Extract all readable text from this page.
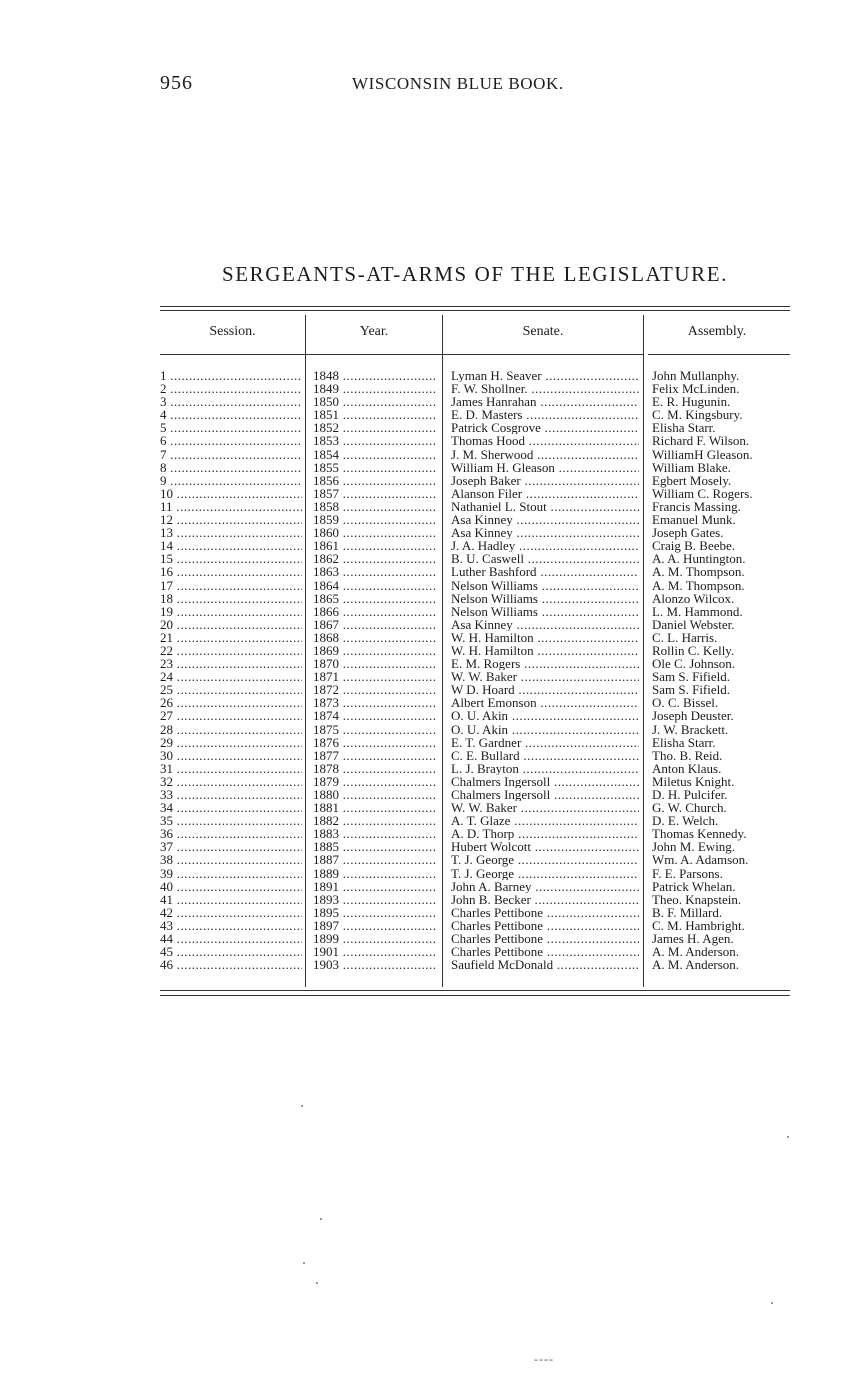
956	WISCONSIN BLUE BOOK.
SERGEANTS-AT-ARMS OF THE LEGISLATURE.
Session.	Year.	Senate.	Assembly.
1 .....	1848 .....	Lyman H. Seaver .....	John Mullanphy.
2 .....	1849 .....	F. W. Shollner. .....	Felix McLinden.
3 .....	1850 .....	James Hanrahan .....	E. R. Hugunin.
4 .....	1851 .....	E. D. Masters .....	C. M. Kingsbury.
5 .....	1852 .....	Patrick Cosgrove .....	Elisha Starr.
6 .....	1853 .....	Thomas Hood .....	Richard F. Wilson.
7 .....	1854 .....	J. M. Sherwood .....	WilliamH Gleason.
8 .....	1855 .....	William H. Gleason .....	William Blake.
9 .....	1856 .....	Joseph Baker .....	Egbert Mosely.
10 .....	1857 .....	Alanson Filer .....	William C. Rogers.
11 .....	1858 .....	Nathaniel L. Stout .....	Francis Massing.
12 .....	1859 .....	Asa Kinney .....	Emanuel Munk.
13 .....	1860 .....	Asa Kinney .....	Joseph Gates.
14 .....	1861 .....	J. A. Hadley .....	Craig B. Beebe.
15 .....	1862 .....	B. U. Caswell .....	A. A. Huntington.
16 .....	1863 .....	Luther Bashford .....	A. M. Thompson.
17 .....	1864 .....	Nelson Williams .....	A. M. Thompson.
18 .....	1865 .....	Nelson Williams .....	Alonzo Wilcox.
19 .....	1866 .....	Nelson Williams .....	L. M. Hammond.
20 .....	1867 .....	Asa Kinney .....	Daniel Webster.
21 .....	1868 .....	W. H. Hamilton .....	C. L. Harris.
22 .....	1869 .....	W. H. Hamilton .....	Rollin C. Kelly.
23 .....	1870 .....	E. M. Rogers .....	Ole C. Johnson.
24 .....	1871 .....	W. W. Baker .....	Sam S. Fifield.
25 .....	1872 .....	W D. Hoard .....	Sam S. Fifield.
26 .....	1873 .....	Albert Emonson .....	O. C. Bissel.
27 .....	1874 .....	O. U. Akin .....	Joseph Deuster.
28 .....	1875 .....	O. U. Akin .....	J. W. Brackett.
29 .....	1876 .....	E. T. Gardner .....	Elisha Starr.
30 .....	1877 .....	C. E. Bullard .....	Tho. B. Reid.
31 .....	1878 .....	L. J. Brayton .....	Anton Klaus.
32 .....	1879 .....	Chalmers Ingersoll .....	Miletus Knight.
33 .....	1880 .....	Chalmers Ingersoll .....	D. H. Pulcifer.
34 .....	1881 .....	W. W. Baker .....	G. W. Church.
35 .....	1882 .....	A. T. Glaze .....	D. E. Welch.
36 .....	1883 .....	A. D. Thorp .....	Thomas Kennedy.
37 .....	1885 .....	Hubert Wolcott .....	John M. Ewing.
38 .....	1887 .....	T. J. George .....	Wm. A. Adamson.
39 .....	1889 .....	T. J. George .....	F. E. Parsons.
40 .....	1891 .....	John A. Barney .....	Patrick Whelan.
41 .....	1893 .....	John B. Becker .....	Theo. Knapstein.
42 .....	1895 .....	Charles Pettibone .....	B. F. Millard.
43 .....	1897 .....	Charles Pettibone .....	C. M. Hambright.
44 .....	1899 .....	Charles Pettibone .....	James H. Agen.
45 .....	1901 .....	Charles Pettibone .....	A. M. Anderson.
46 .....	1903 .....	Saufield McDonald .....	A. M. Anderson.
----
